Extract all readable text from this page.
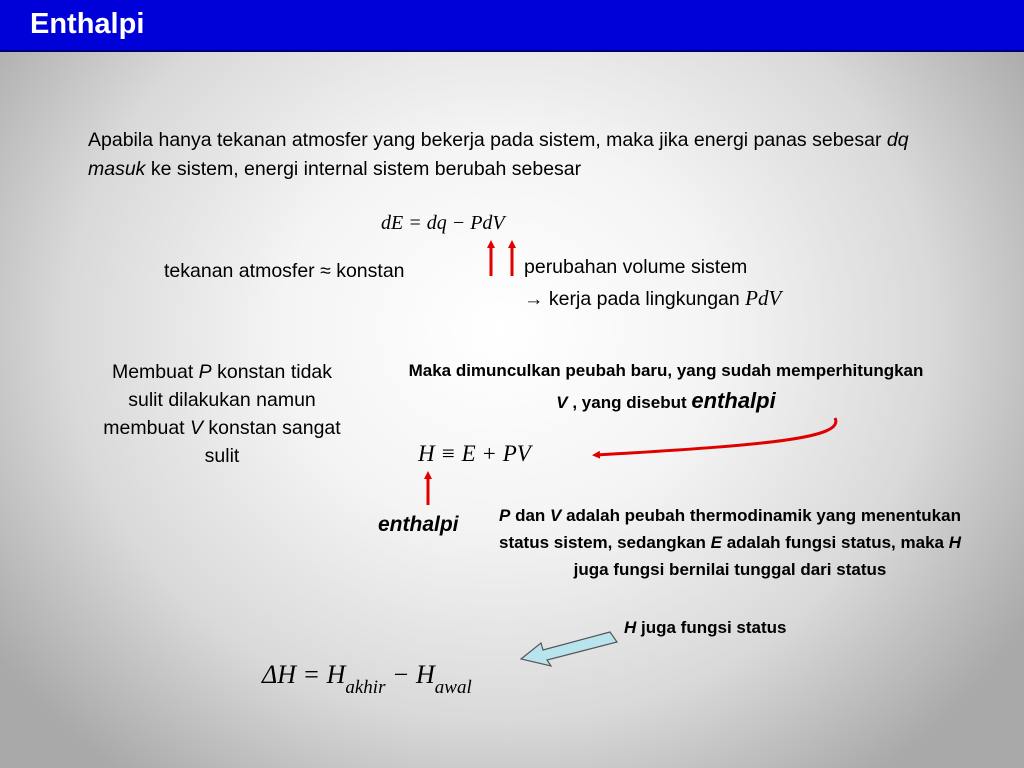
Enthalpi
Apabila hanya tekanan atmosfer yang bekerja pada sistem, maka jika energi panas sebesar dq masuk ke sistem, energi internal sistem berubah sebesar
dE = dq − PdV
tekanan atmosfer ≈ konstan	perubahan volume sistem
→ kerja pada lingkungan PdV
Membuat P konstan tidak sulit dilakukan namun membuat V konstan sangat sulit
Maka dimunculkan peubah baru, yang sudah memperhitungkan V , yang disebut enthalpi
H ≡ E + PV
enthalpi P dan V adalah peubah thermodinamik yang menentukan status sistem, sedangkan E adalah fungsi status, maka H juga fungsi bernilai tunggal dari status
H juga fungsi status
$\Delta H = H_{akhir} - H_{awal}$
